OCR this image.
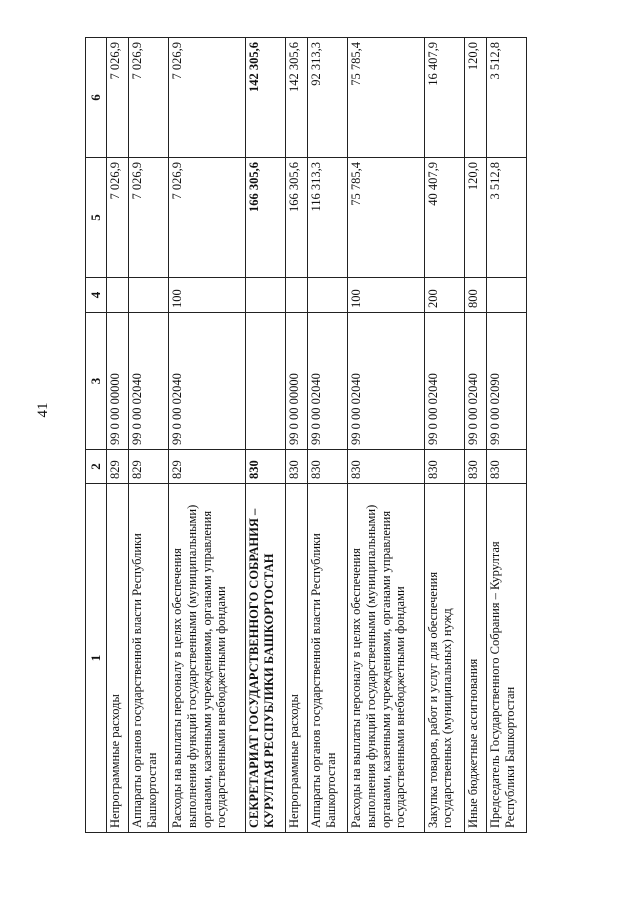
41
1	2	3	4	5	6
Непрограммные расходы	829	99 0 00 00000		7 026,9	7 026,9
Аппараты органов государственной власти Республики Башкортостан	829	99 0 00 02040		7 026,9	7 026,9
Расходы на выплаты персоналу в целях обеспечения выполнения функций государственными (муниципальными) органами, казенными учреждениями, органами управления государственными внебюджетными фондами	829	99 0 00 02040	100	7 026,9	7 026,9
СЕКРЕТАРИАТ ГОСУДАРСТВЕННОГО СОБРАНИЯ – КУРУЛТАЯ РЕСПУБЛИКИ БАШКОРТОСТАН	830			166 305,6	142 305,6
Непрограммные расходы	830	99 0 00 00000		166 305,6	142 305,6
Аппараты органов государственной власти Республики Башкортостан	830	99 0 00 02040		116 313,3	92 313,3
Расходы на выплаты персоналу в целях обеспечения выполнения функций государственными (муниципальными) органами, казенными учреждениями, органами управления государственными внебюджетными фондами	830	99 0 00 02040	100	75 785,4	75 785,4
Закупка товаров, работ и услуг для обеспечения государственных (муниципальных) нужд	830	99 0 00 02040	200	40 407,9	16 407,9
Иные бюджетные ассигнования	830	99 0 00 02040	800	120,0	120,0
Председатель Государственного Собрания – Курултая Республики Башкортостан	830	99 0 00 02090		3 512,8	3 512,8
